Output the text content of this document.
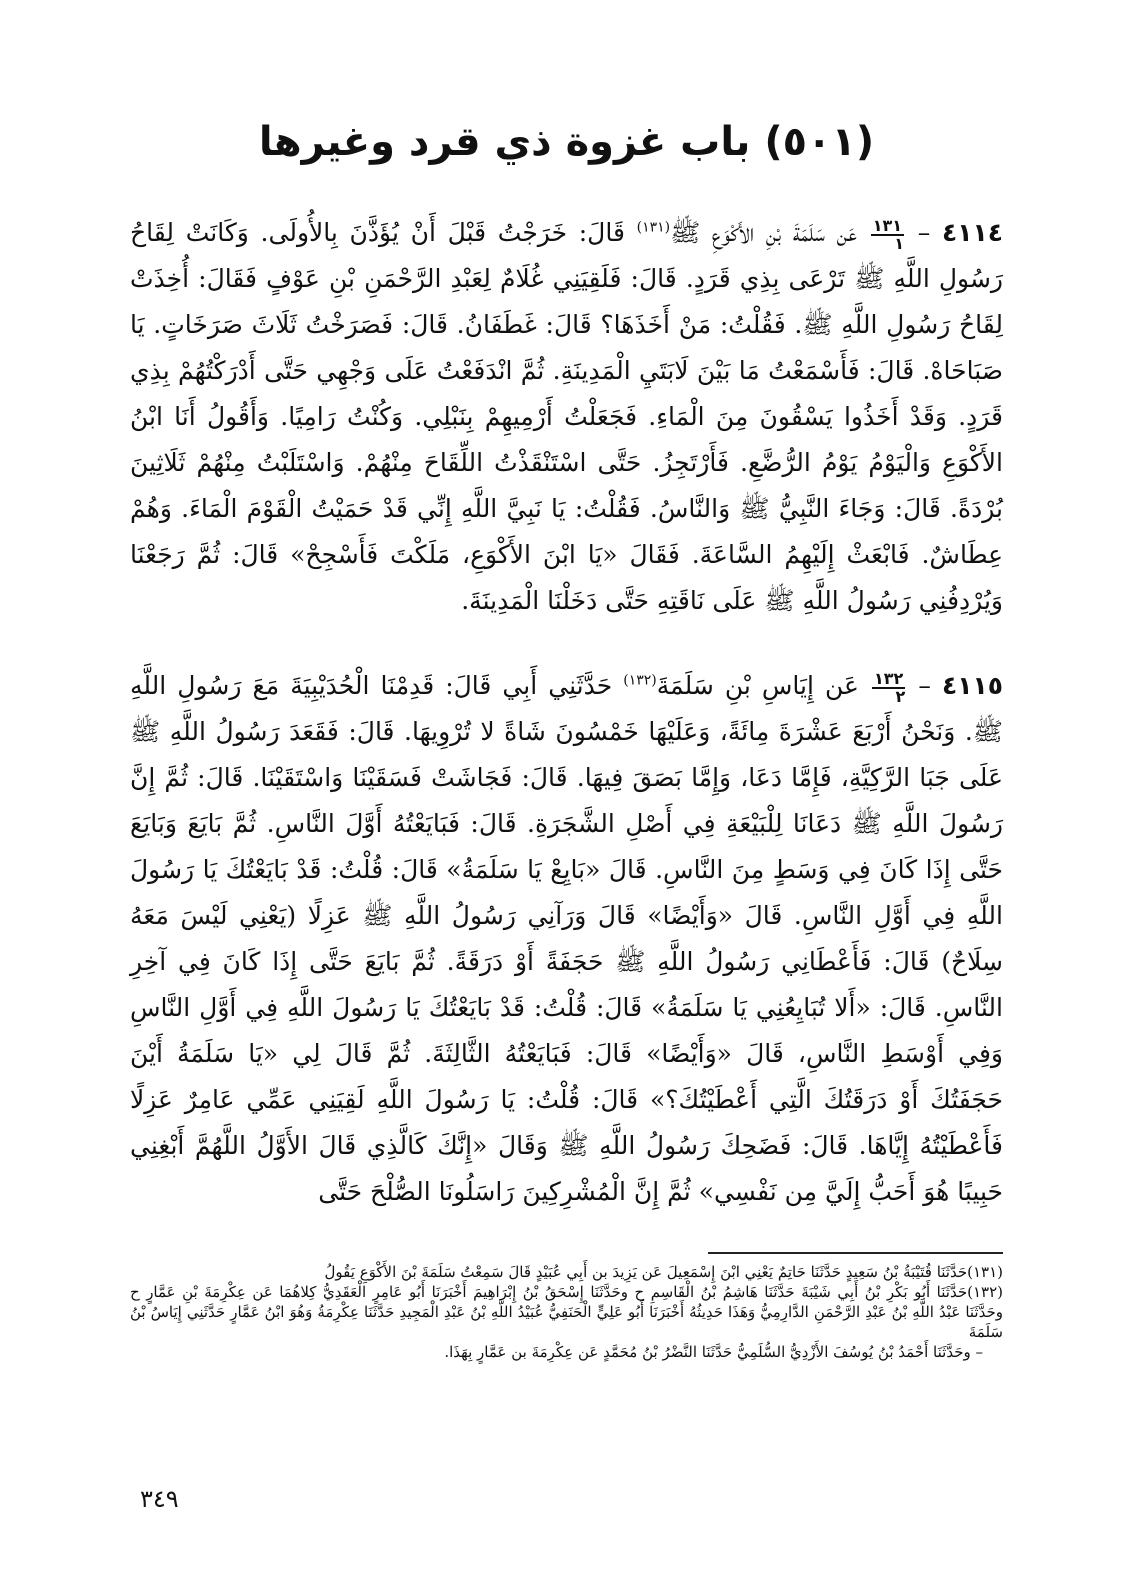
(٥٠١) باب غزوة ذي قرد وغيرها

٤١١٤ –
$\frac{١٣١}{١}$
عَن سَلَمَةَ بْنِ الأَكْوَعِ ﷺ$^{(١٣١)}$ قَالَ: خَرَجْتُ قَبْلَ أَنْ يُؤَذَّنَ بِالأُولَى. وَكَانَتْ لِقَاحُ رَسُولِ اللَّهِ ﷺ تَرْعَى بِذِي قَرَدٍ. قَالَ: فَلَقِيَنِي غُلَامٌ لِعَبْدِ الرَّحْمَنِ بْنِ عَوْفٍ فَقَالَ: أُخِذَتْ لِقَاحُ رَسُولِ اللَّهِ ﷺ. فَقُلْتُ: مَنْ أَخَذَهَا؟ قَالَ: غَطَفَانُ. قَالَ: فَصَرَخْتُ ثَلَاثَ صَرَخَاتٍ. يَا صَبَاحَاهْ. قَالَ: فَأَسْمَعْتُ مَا بَيْنَ لَابَتَيِ الْمَدِينَةِ. ثُمَّ انْدَفَعْتُ عَلَى وَجْهِي حَتَّى أَدْرَكْتُهُمْ بِذِي قَرَدٍ. وَقَدْ أَخَذُوا يَسْقُونَ مِنَ الْمَاءِ. فَجَعَلْتُ أَرْمِيهِمْ بِنَبْلِي. وَكُنْتُ رَامِيًا. وَأَقُولُ أَنَا ابْنُ الأَكْوَعِ وَالْيَوْمُ يَوْمُ الرُّضَّعِ. فَأَرْتَجِزُ. حَتَّى اسْتَنْقَذْتُ اللِّقَاحَ مِنْهُمْ. وَاسْتَلَبْتُ مِنْهُمْ ثَلَاثِينَ بُرْدَةً. قَالَ: وَجَاءَ النَّبِيُّ ﷺ وَالنَّاسُ. فَقُلْتُ: يَا نَبِيَّ اللَّهِ إِنِّي قَدْ حَمَيْتُ الْقَوْمَ الْمَاءَ. وَهُمْ عِطَاشٌ. فَابْعَثْ إِلَيْهِمُ السَّاعَةَ. فَقَالَ «يَا ابْنَ الأَكْوَعِ، مَلَكْتَ فَأَسْجِحْ» قَالَ: ثُمَّ رَجَعْنَا وَيُرْدِفُنِي رَسُولُ اللَّهِ ﷺ عَلَى نَاقَتِهِ حَتَّى دَخَلْنَا الْمَدِينَةَ.

٤١١٥ –
$\frac{١٣٢}{٢}$
عَن إِيَاسِ بْنِ سَلَمَةَ$^{(١٣٢)}$ حَدَّثَنِي أَبِي قَالَ: قَدِمْنَا الْحُدَيْبِيَةَ مَعَ رَسُولِ اللَّهِ ﷺ. وَنَحْنُ أَرْبَعَ عَشْرَةَ مِائَةً، وَعَلَيْهَا خَمْسُونَ شَاةً لا تُرْوِيهَا. قَالَ: فَقَعَدَ رَسُولُ اللَّهِ ﷺ عَلَى جَبَا الرَّكِيَّةِ، فَإِمَّا دَعَا، وَإِمَّا بَصَقَ فِيهَا. قَالَ: فَجَاشَتْ فَسَقَيْنَا وَاسْتَقَيْنَا. قَالَ: ثُمَّ إِنَّ رَسُولَ اللَّهِ ﷺ دَعَانَا لِلْبَيْعَةِ فِي أَصْلِ الشَّجَرَةِ. قَالَ: فَبَايَعْتُهُ أَوَّلَ النَّاسِ. ثُمَّ بَايَعَ وَبَايَعَ حَتَّى إِذَا كَانَ فِي وَسَطٍ مِنَ النَّاسِ. قَالَ «بَايِعْ يَا سَلَمَةُ» قَالَ: قُلْتُ: قَدْ بَايَعْتُكَ يَا رَسُولَ اللَّهِ فِي أَوَّلِ النَّاسِ. قَالَ «وَأَيْضًا» قَالَ وَرَآنِي رَسُولُ اللَّهِ ﷺ عَزِلًا (يَعْنِي لَيْسَ مَعَهُ سِلَاحٌ) قَالَ: فَأَعْطَانِي رَسُولُ اللَّهِ ﷺ حَجَفَةً أَوْ دَرَقَةً. ثُمَّ بَايَعَ حَتَّى إِذَا كَانَ فِي آخِرِ النَّاسِ. قَالَ: «أَلا تُبَايِعُنِي يَا سَلَمَةُ» قَالَ: قُلْتُ: قَدْ بَايَعْتُكَ يَا رَسُولَ اللَّهِ فِي أَوَّلِ النَّاسِ وَفِي أَوْسَطِ النَّاسِ، قَالَ «وَأَيْضًا» قَالَ: فَبَايَعْتُهُ الثَّالِثَةَ. ثُمَّ قَالَ لِي «يَا سَلَمَةُ أَيْنَ حَجَفَتُكَ أَوْ دَرَقَتُكَ الَّتِي أَعْطَيْتُكَ؟» قَالَ: قُلْتُ: يَا رَسُولَ اللَّهِ لَقِيَنِي عَمِّي عَامِرٌ عَزِلًا فَأَعْطَيْتُهُ إِيَّاهَا. قَالَ: فَضَحِكَ رَسُولُ اللَّهِ ﷺ وَقَالَ «إِنَّكَ كَالَّذِي قَالَ الأَوَّلُ اللَّهُمَّ أَبْغِنِي حَبِيبًا هُوَ أَحَبُّ إِلَيَّ مِن نَفْسِي» ثُمَّ إِنَّ الْمُشْرِكِينَ رَاسَلُونَا الصُّلْحَ حَتَّى

(١٣١)حَدَّثَنَا قُتَيْبَةُ بْنُ سَعِيدٍ حَدَّثَنَا حَاتِمٌ يَعْنِي ابْنَ إِسْمَعِيلَ عَن يَزِيدَ بن أَبِي عُبَيْدٍ قَالَ سَمِعْتُ سَلَمَةَ بْنَ الأَكْوَعِ يَقُولُ

(١٣٢)حَدَّثَنَا أَبُو بَكْرِ بْنُ أَبِي شَيْبَةَ حَدَّثَنَا هَاشِمُ بْنُ الْقَاسِمِ ح وحَدَّثَنَا إِسْحَقُ بْنُ إِبْرَاهِيمَ أَخْبَرَنَا أَبُو عَامِرٍ الْعَقَدِيُّ كِلاهُمَا عَن عِكْرِمَةَ بْنِ عَمَّارٍ ح وحَدَّثَنَا عَبْدُ اللَّهِ بْنُ عَبْدِ الرَّحْمَنِ الدَّارِمِيُّ وَهَذَا حَدِيثُهُ أَخْبَرَنَا أَبُو عَلِيٍّ الْحَنَفِيُّ عُبَيْدُ اللَّهِ بْنُ عَبْدِ الْمَجِيدِ حَدَّثَنَا عِكْرِمَةُ وَهُوَ ابْنُ عَمَّارٍ حَدَّثَنِي إِيَاسُ بْنُ سَلَمَةَ

– وحَدَّثَنَا أَحْمَدُ بْنُ يُوسُفَ الأَزْدِيُّ السُّلَمِيُّ حَدَّثَنَا النَّضْرُ بْنُ مُحَمَّدٍ عَن عِكْرِمَةَ بن عَمَّارٍ بِهَذَا.

٣٤٩
